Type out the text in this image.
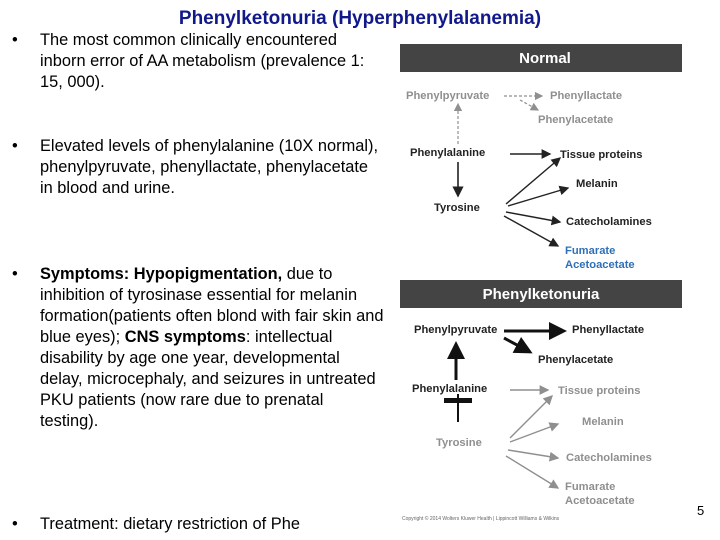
Phenylketonuria (Hyperphenylalanemia)
•	The most common clinically encountered inborn error of AA metabolism (prevalence 1: 15, 000).
•	Elevated levels of phenylalanine (10X normal), phenylpyruvate, phenyllactate, phenylacetate in blood and urine.
•	Symptoms: Hypopigmentation, due to inhibition of tyrosinase essential for melanin formation(patients often blond with fair skin and blue eyes); CNS symptoms: intellectual disability by age one year, developmental delay, microcephaly, and seizures in untreated PKU patients (now rare due to prenatal testing).
•	Treatment: dietary restriction of Phe
Normal
Phenylpyruvate	Phenyllactate
Phenylacetate
Phenylalanine	Tissue proteins
Melanin
Tyrosine
Catecholamines
Fumarate
Acetoacetate
Phenylketonuria
Phenylpyruvate	Phenyllactate
Phenylacetate
Phenylalanine	Tissue proteins
Melanin
Tyrosine
Catecholamines
Fumarate
Acetoacetate
Copyright © 2014 Wolters Kluwer Health | Lippincott Williams & Wilkins
5
